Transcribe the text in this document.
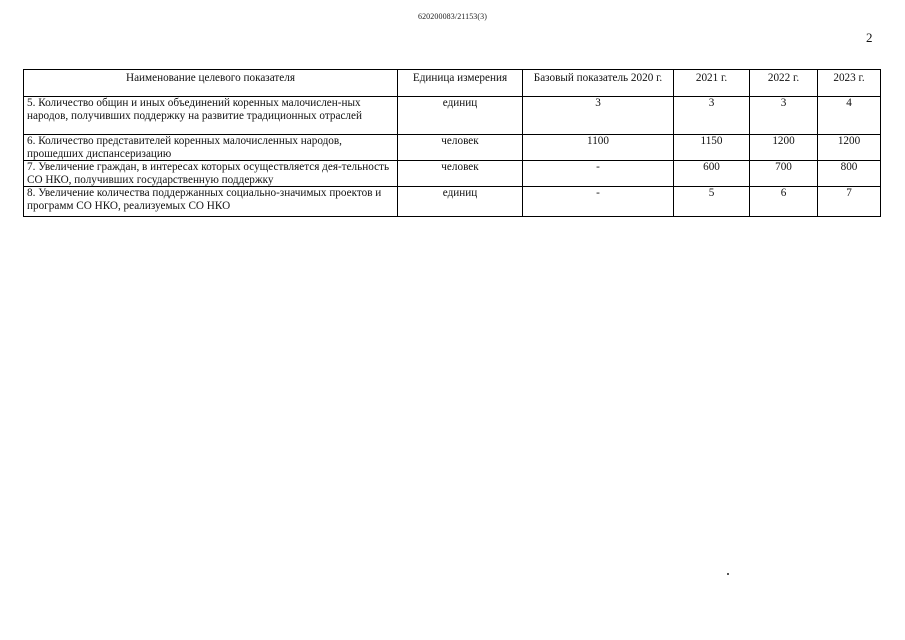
620200083/21153(3)
2
Наименование целевого показателя	Единица измерения	Базовый показатель 2020 г.	2021 г.	2022 г.	2023 г.
5. Количество общин и иных объединений коренных малочислен-ных народов, получивших поддержку на развитие традиционных отраслей	единиц	3	3	3	4
6. Количество представителей коренных малочисленных народов, прошедших диспансеризацию	человек	1100	1150	1200	1200
7. Увеличение граждан, в интересах которых осуществляется дея-тельность СО НКО, получивших государственную поддержку	человек	-	600	700	800
8. Увеличение количества поддержанных социально-значимых проектов и программ СО НКО, реализуемых СО НКО	единиц	-	5	6	7
